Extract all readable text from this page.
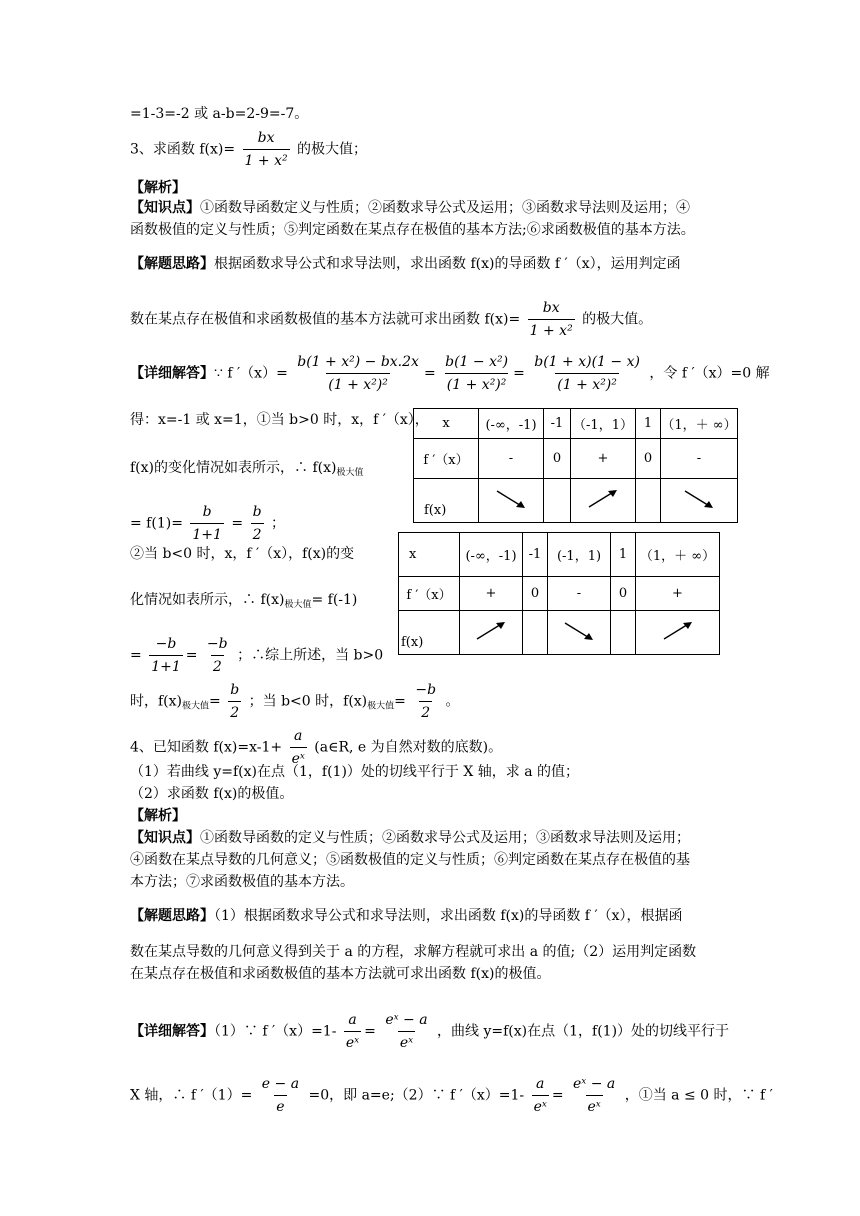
=1-3=-2 或 a-b=2-9=-7。
3、求函数 $f(x)= \frac{bx}{\text{1 + x²}}$ 的极大值；
【解析】
【知识点】①函数导函数定义与性质；②函数求导公式及运用；③函数求导法则及运用；④
函数极值的定义与性质；⑤判定函数在某点存在极值的基本方法;⑥求函数极值的基本方法。
【解题思路】根据函数求导公式和求导法则，求出函数 f(x)的导函数 f ′（x），运用判定函
数在某点存在极值和求函数极值的基本方法就可求出函数 $f(x)= \frac{bx}{\text{1 + x²}}$ 的极大值。
【详细解答】∵ f $'(x)= \frac{\text{b(1 + x²) − bx.2x}}{\text{(1 + x²)²}} = \frac{\text{b(1 − x²)}}{\text{(1 + x²)²}} = \frac{b(1 + x)(1 - x)}{\text{(1 + x²)²}}$ ，令 f ′（x）=0 解
得：x=-1 或 x=1，①当 b>0 时，x，f ′（x），
f(x)的变化情况如表所示，∴ $f(x)_{极大值}$
= $f(1)= \frac{b}{1+1} = \frac{b}{2}$ ；
x	(-∞，-1)	-1	（-1，1）	1	（1，＋ ∞）
f ′（x）	-	0	+	0	-
f(x)					
②当 b<0 时，x，f ′（x），f(x)的变
化情况如表所示，∴ $f(x)_{极大值}= f(-1)$
= $\frac{-b}{1+1} = \frac{-b}{2}$ ；∴综上所述，当 b>0
x	(-∞，-1)	-1	(-1，1)	1	（1，＋ ∞）
f ′（x）	+	0	-	0	+
f(x)					
时，$f(x)_{极大值}= \frac{b}{2}$ ；当 b<0 时，$f(x)_{极大值}= \frac{-b}{2}$ 。
4、已知函数 $f(x)=x-1+ \frac{a}{\text{eˣ}}$ (a∈R, e 为自然对数的底数)。
（1）若曲线 y=f(x)在点（1，f(1)）处的切线平行于 X 轴，求 a 的值；
（2）求函数 f(x)的极值。
【解析】
【知识点】①函数导函数的定义与性质；②函数求导公式及运用；③函数求导法则及运用；
④函数在某点导数的几何意义；⑤函数极值的定义与性质；⑥判定函数在某点存在极值的基
本方法；⑦求函数极值的基本方法。
【解题思路】（1）根据函数求导公式和求导法则，求出函数 f(x)的导函数 f ′（x），根据函
数在某点导数的几何意义得到关于 a 的方程，求解方程就可求出 a 的值;（2）运用判定函数
在某点存在极值和求函数极值的基本方法就可求出函数 f(x)的极值。
【详细解答】（1）∵ f $'(x)=1- \frac{a}{\text{eˣ}} = \frac{\text{eˣ − a}}{\text{eˣ}}$ ，曲线 y=f(x)在点（1，f(1)）处的切线平行于
X 轴，∴ f $'(1)= \frac{e - a}{e} =0$，即 a=e;（2）∵ f $'(x)=1- \frac{a}{\text{eˣ}} = \frac{\text{eˣ − a}}{\text{eˣ}}$ ，①当 a ≤ 0 时，∵ f ′
